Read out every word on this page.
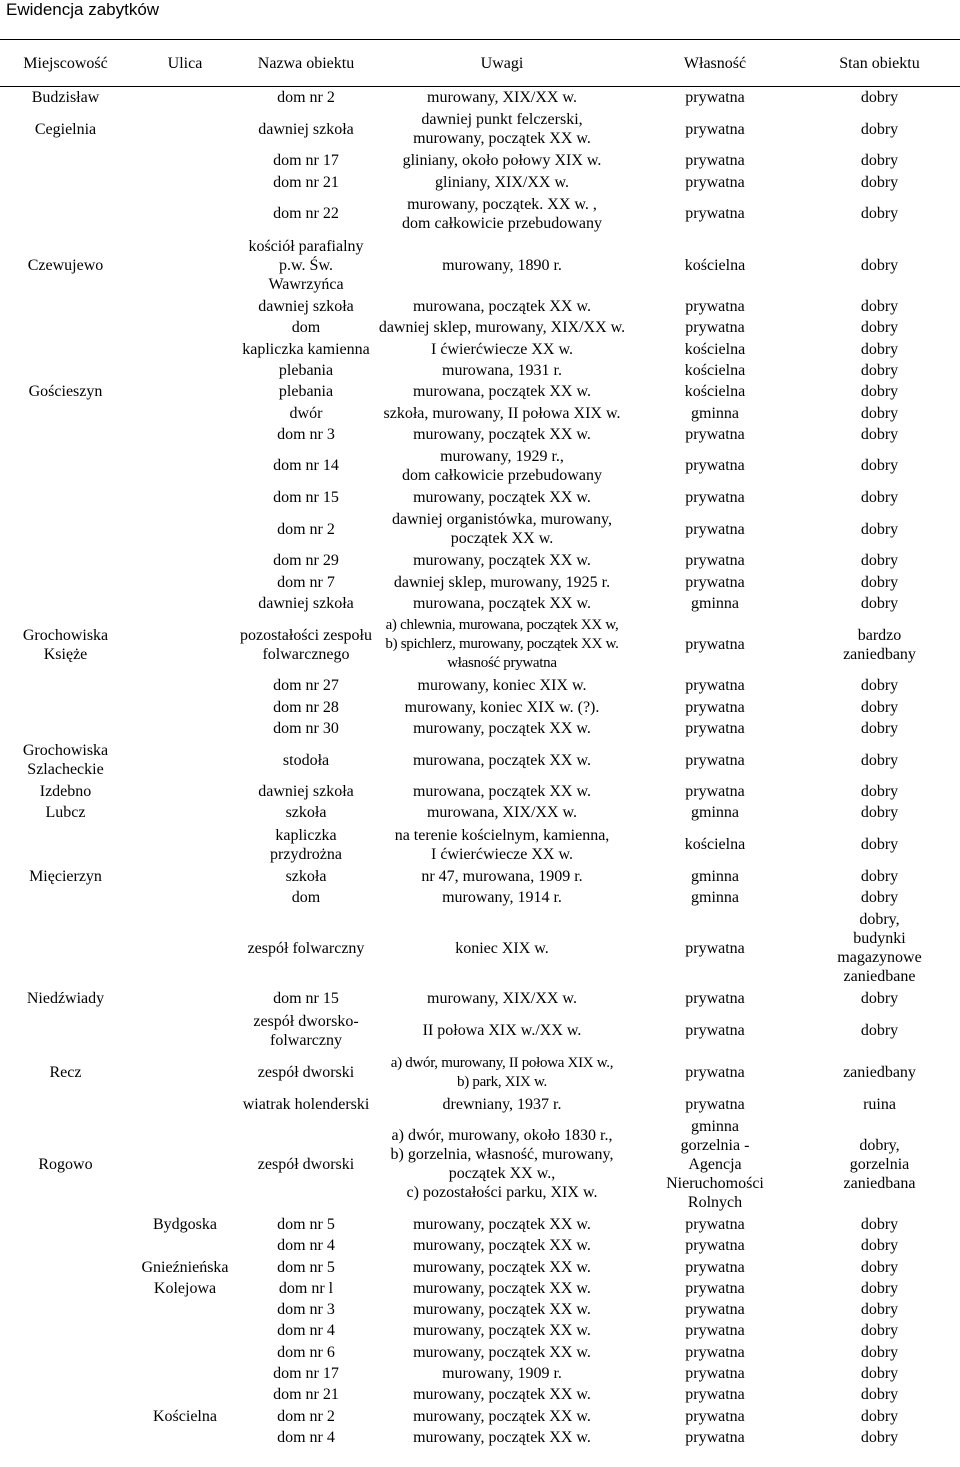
Ewidencja zabytków
Miejscowość	Ulica	Nazwa obiektu	Uwagi	Własność	Stan obiektu
Budzisław		dom nr 2	murowany, XIX/XX w.	prywatna	dobry
Cegielnia		dawniej szkoła	dawniej punkt felczerski,
murowany, początek XX w.	prywatna	dobry
		dom nr 17	gliniany, około połowy XIX w.	prywatna	dobry
		dom nr 21	gliniany, XIX/XX w.	prywatna	dobry
		dom nr 22	murowany, początek. XX w. ,
dom całkowicie przebudowany	prywatna	dobry
Czewujewo		kościół parafialny
p.w. Św.
Wawrzyńca	murowany, 1890 r.	kościelna	dobry
		dawniej szkoła	murowana, początek XX w.	prywatna	dobry
		dom	dawniej sklep, murowany, XIX/XX w.	prywatna	dobry
		kapliczka kamienna	I ćwierćwiecze XX w.	kościelna	dobry
		plebania	murowana, 1931 r.	kościelna	dobry
Gościeszyn		plebania	murowana, początek XX w.	kościelna	dobry
		dwór	szkoła, murowany, II połowa XIX w.	gminna	dobry
		dom nr 3	murowany, początek XX w.	prywatna	dobry
		dom nr 14	murowany, 1929 r.,
dom całkowicie przebudowany	prywatna	dobry
		dom nr 15	murowany, początek XX w.	prywatna	dobry
		dom nr 2	dawniej organistówka, murowany,
początek XX w.	prywatna	dobry
		dom nr 29	murowany, początek XX w.	prywatna	dobry
		dom nr 7	dawniej sklep, murowany, 1925 r.	prywatna	dobry
		dawniej szkoła	murowana, początek XX w.	gminna	dobry
Grochowiska
Księżе		pozostałości zespołu
folwarcznego	a) chlewnia, murowana, początek XX w,
b) spichlerz, murowany, początek XX w.
własność prywatna	prywatna	bardzo
zaniedbany
		dom nr 27	murowany, koniec XIX w.	prywatna	dobry
		dom nr 28	murowany, koniec XIX w. (?).	prywatna	dobry
		dom nr 30	murowany, początek XX w.	prywatna	dobry
Grochowiska
Szlacheckie		stodoła	murowana, początek XX w.	prywatna	dobry
Izdebno		dawniej szkoła	murowana, początek XX w.	prywatna	dobry
Lubcz		szkoła	murowana, XIX/XX w.	gminna	dobry
		kapliczka
przydrożna	na terenie kościelnym, kamienna,
I ćwierćwiecze XX w.	kościelna	dobry
Mięcierzyn		szkoła	nr 47, murowana, 1909 r.	gminna	dobry
		dom	murowany, 1914 r.	gminna	dobry
		zespół folwarczny	koniec XIX w.	prywatna	dobry,
budynki
magazynowe
zaniedbane
Niedźwiady		dom nr 15	murowany, XIX/XX w.	prywatna	dobry
		zespół dworsko-
folwarczny	II połowa XIX w./XX w.	prywatna	dobry
Recz		zespół dworski	a) dwór, murowany, II połowa XIX w.,
b) park, XIX w.	prywatna	zaniedbany
		wiatrak holenderski	drewniany, 1937 r.	prywatna	ruina
Rogowo		zespół dworski	a) dwór, murowany, około 1830 r.,
b) gorzelnia, własność, murowany,
początek XX w.,
c) pozostałości parku, XIX w.	gminna
gorzelnia -
Agencja
Nieruchomości
Rolnych	dobry,
gorzelnia
zaniedbana
	Bydgoska	dom nr 5	murowany, początek XX w.	prywatna	dobry
		dom nr 4	murowany, początek XX w.	prywatna	dobry
	Gnieźnieńska	dom nr 5	murowany, początek XX w.	prywatna	dobry
	Kolejowa	dom nr l	murowany, początek XX w.	prywatna	dobry
		dom nr 3	murowany, początek XX w.	prywatna	dobry
		dom nr 4	murowany, początek XX w.	prywatna	dobry
		dom nr 6	murowany, początek XX w.	prywatna	dobry
		dom nr 17	murowany, 1909 r.	prywatna	dobry
		dom nr 21	murowany, początek XX w.	prywatna	dobry
	Kościelna	dom nr 2	murowany, początek XX w.	prywatna	dobry
		dom nr 4	murowany, początek XX w.	prywatna	dobry
